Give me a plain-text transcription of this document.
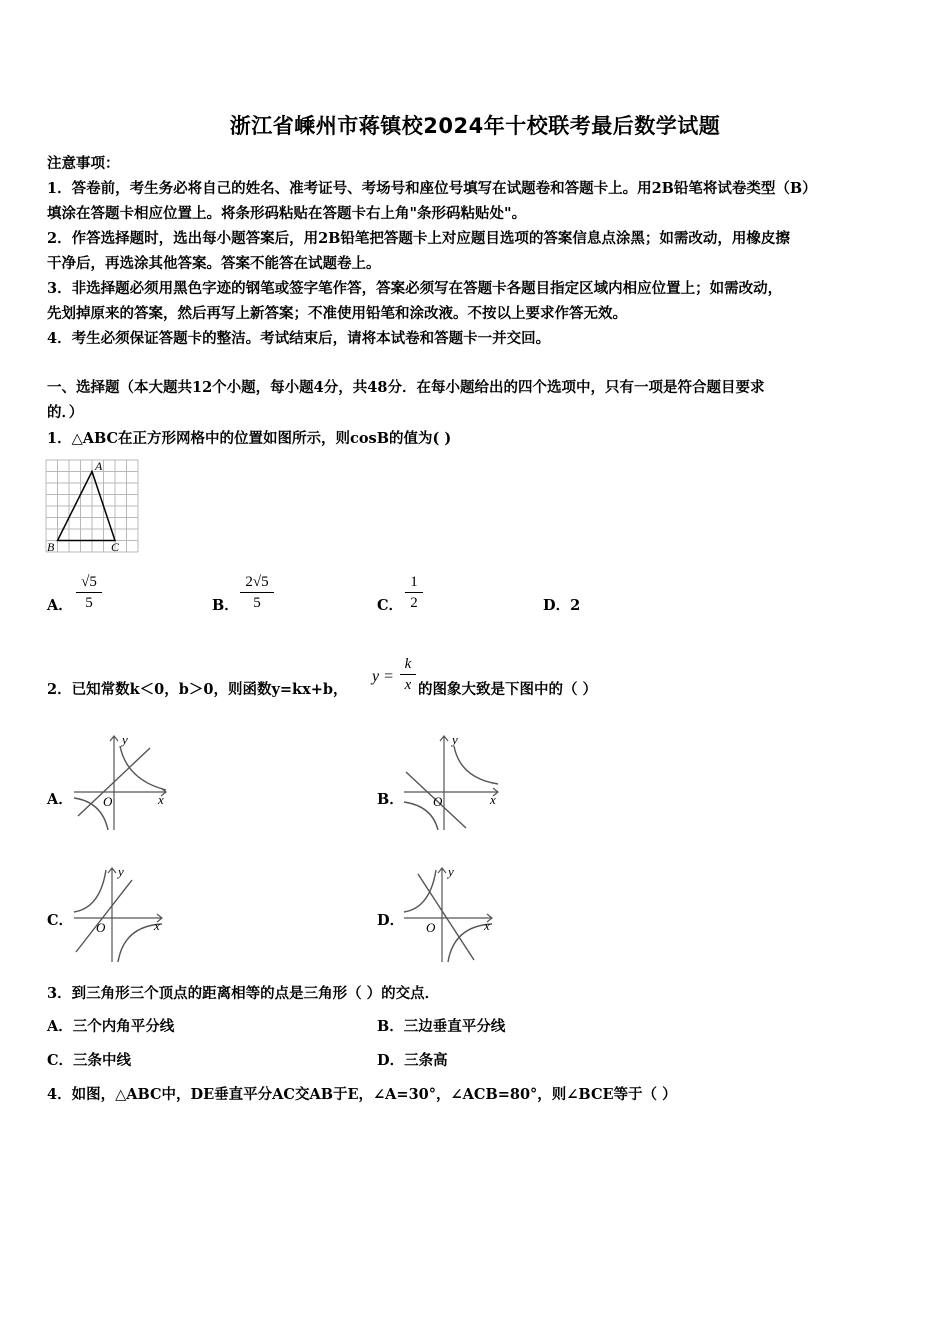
浙江省嵊州市蒋镇校2024年十校联考最后数学试题
注意事项：
1．答卷前，考生务必将自己的姓名、准考证号、考场号和座位号填写在试题卷和答题卡上。用2B铅笔将试卷类型（B）
填涂在答题卡相应位置上。将条形码粘贴在答题卡右上角"条形码粘贴处"。
2．作答选择题时，选出每小题答案后，用2B铅笔把答题卡上对应题目选项的答案信息点涂黑；如需改动，用橡皮擦
干净后，再选涂其他答案。答案不能答在试题卷上。
3．非选择题必须用黑色字迹的钢笔或签字笔作答，答案必须写在答题卡各题目指定区域内相应位置上；如需改动，
先划掉原来的答案，然后再写上新答案；不准使用铅笔和涂改液。不按以上要求作答无效。
4．考生必须保证答题卡的整洁。考试结束后，请将本试卷和答题卡一并交回。
一、选择题（本大题共12个小题，每小题4分，共48分．在每小题给出的四个选项中，只有一项是符合题目要求
的．）
1．△ABC在正方形网格中的位置如图所示，则cosB的值为( )
A
B	C
A． $\frac{√5}{5}$	B． $\frac{2√5}{5}$	C． $\frac{1}{2}$	D．2
2．已知常数k＜0，b＞0，则函数y=kx+b，
$y = \frac{k}{x}$ 的图象大致是下图中的（ ）
A．	x
y
O	B．	x
y
O
C．	x
y
O	D．	x
y
O
3．到三角形三个顶点的距离相等的点是三角形（ ）的交点．
A．三个内角平分线	B．三边垂直平分线
C．三条中线	D．三条高
4．如图，△ABC中，DE垂直平分AC交AB于E，∠A=30°，∠ACB=80°，则∠BCE等于（ ）
